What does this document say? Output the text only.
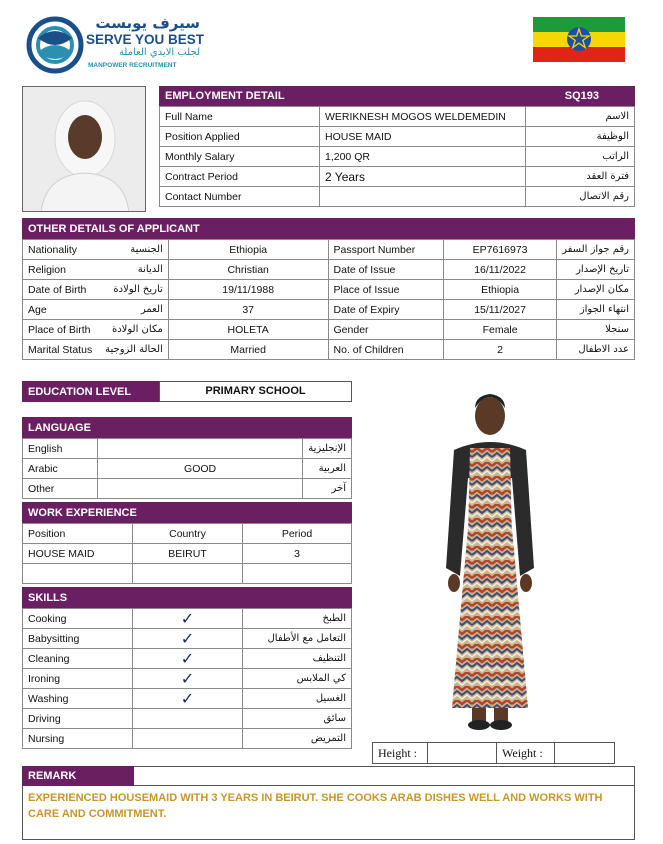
سيرف يوبست
SERVE YOU BEST
لجلب الايدي العاملة
MANPOWER RECRUITMENT
EMPLOYMENT DETAIL	SQ193
Full Name	WERIKNESH MOGOS WELDEMEDIN	الاسم
Position Applied	HOUSE MAID	الوظيفة
Monthly Salary	1,200 QR	الراتب
Contract Period	2 Years	فترة العقد
Contact Number		رقم الاتصال
OTHER DETAILS OF APPLICANT
Nationality	الجنسية	Ethiopia	Passport Number	EP7616973	رقم جواز السفر
Religion	الديانة	Christian	Date of Issue	16/11/2022	تاريخ الإصدار
Date of Birth	تاريخ الولادة	19/11/1988	Place of Issue	Ethiopia	مكان الإصدار
Age	العمر	37	Date of Expiry	15/11/2027	انتهاء الجواز
Place of Birth	مكان الولادة	HOLETA	Gender	Female	سنجلا
Marital Status	الحالة الزوجية	Married	No. of Children	2	عدد الاطفال
EDUCATION LEVEL	PRIMARY SCHOOL
LANGUAGE
English		الإنجليزية
Arabic	GOOD	العربية
Other		آخر
WORK EXPERIENCE
Position	Country	Period
HOUSE MAID	BEIRUT	3

SKILLS
Cooking	✓	الطبخ
Babysitting	✓	التعامل مع الأطفال
Cleaning	✓	التنظيف
Ironing	✓	كي الملابس
Washing	✓	الغسيل
Driving		سائق
Nursing		التمريض
Height :	Weight :
REMARK
EXPERIENCED HOUSEMAID WITH 3 YEARS IN BEIRUT. SHE COOKS ARAB DISHES WELL AND WORKS WITH CARE AND COMMITMENT.
